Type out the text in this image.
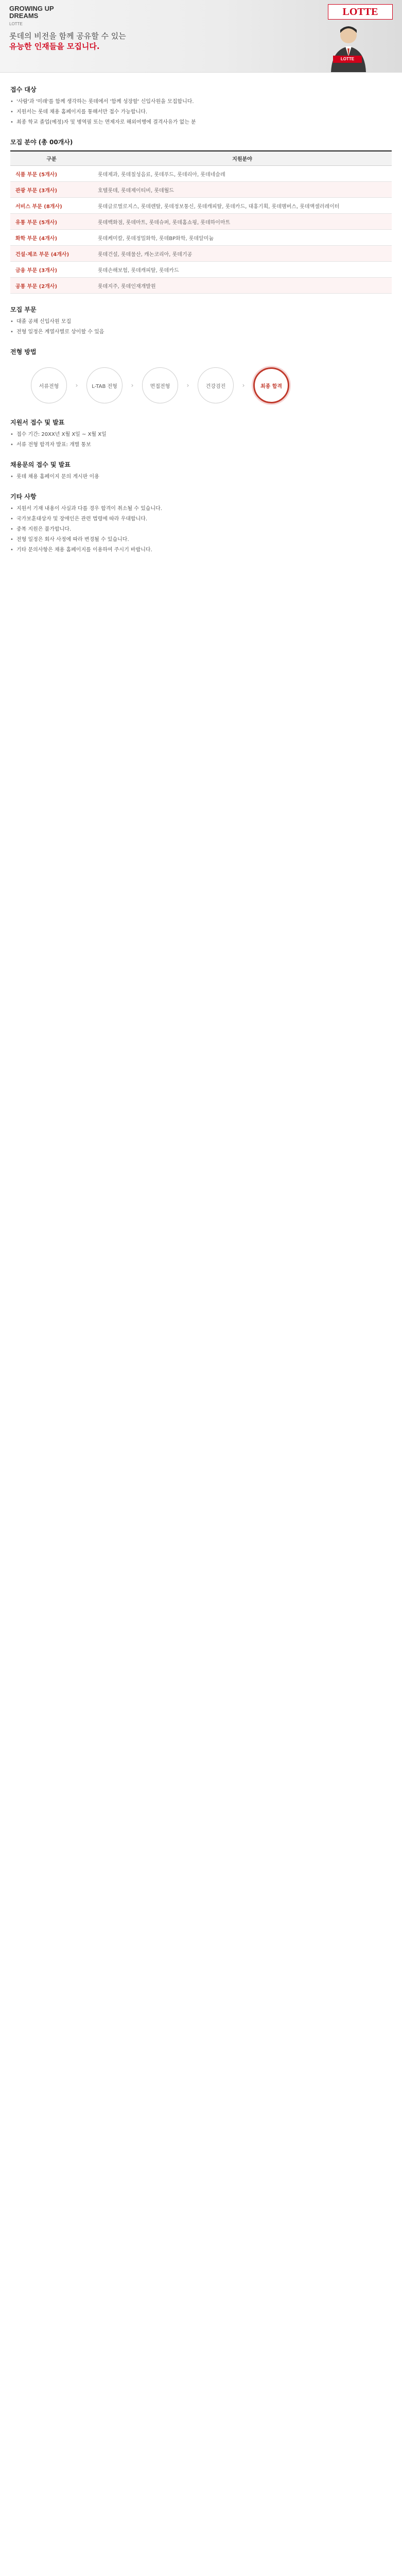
GROWING UP
DREAMS
LOTTE
롯데의 비전을 함께 공유할 수 있는
유능한 인재들을 모집니다.
LOTTE
LOTTE
접수 대상
• '사람'과 '미래'를 함께 생각하는 롯데에서 '함께 성장할' 신입사원을 모집합니다.
• 지원서는 롯데 채용 홈페이지를 통해서만 접수 가능합니다.
• 최종 학교 졸업(예정)자 및 병역필 또는 면제자로 해외여행에 결격사유가 없는 분
모집 분야 (총 00개사)
구분	지원분야
식품 부문 (5개사)	롯데제과, 롯데칠성음료, 롯데푸드, 롯데리아, 롯데네슬레
관광 부문 (3개사)	호텔롯데, 롯데제이티비, 롯데월드
서비스 부문 (8개사)	롯데글로벌로지스, 롯데렌탈, 롯데정보통신, 롯데캐피탈, 롯데카드, 대홍기획, 롯데멤버스, 롯데액셀러레이터
유통 부문 (5개사)	롯데백화점, 롯데마트, 롯데슈퍼, 롯데홈쇼핑, 롯데하이마트
화학 부문 (4개사)	롯데케미칼, 롯데정밀화학, 롯데BP화학, 롯데알미늄
건설·제조 부문 (4개사)	롯데건설, 롯데물산, 캐논코리아, 롯데기공
금융 부문 (3개사)	롯데손해보험, 롯데캐피탈, 롯데카드
공통 부문 (2개사)	롯데지주, 롯데인재개발원
모집 부문
• 대졸 공채 신입사원 모집
• 전형 일정은 계열사별로 상이할 수 있음
전형 방법
서류전형	›	L-TAB 전형	›	면접전형	›	건강검진	›	최종 합격
지원서 접수 및 발표
• 접수 기간: 20XX년 X월 X일 ~ X월 X일
• 서류 전형 합격자 발표: 개별 통보
채용문의 접수 및 발표
• 롯데 채용 홈페이지 문의 게시판 이용
기타 사항
• 지원서 기재 내용이 사실과 다를 경우 합격이 취소될 수 있습니다.
• 국가보훈대상자 및 장애인은 관련 법령에 따라 우대합니다.
• 중복 지원은 불가합니다.
• 전형 일정은 회사 사정에 따라 변경될 수 있습니다.
• 기타 문의사항은 채용 홈페이지를 이용하여 주시기 바랍니다.
